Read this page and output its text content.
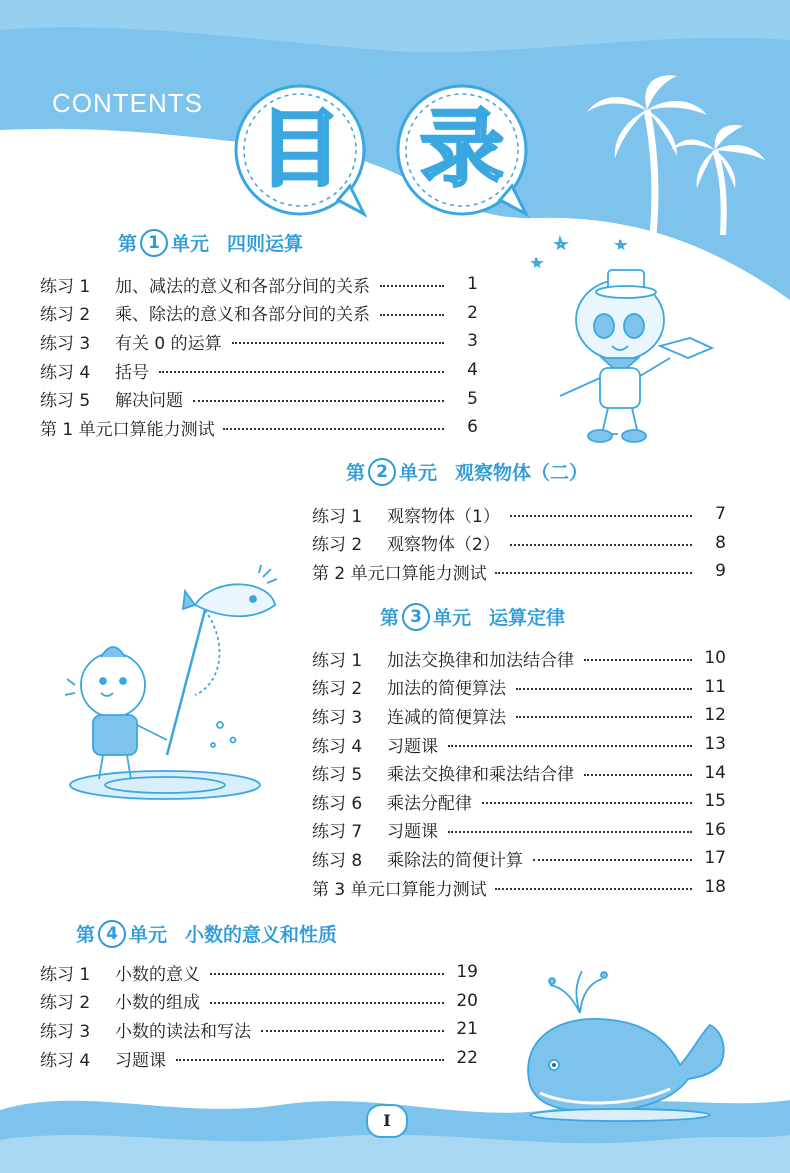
CONTENTS 目 录
第 1 单元 四则运算
练习 1	加、减法的意义和各部分间的关系	1
练习 2	乘、除法的意义和各部分间的关系	2
练习 3	有关 0 的运算	3
练习 4	括号	4
练习 5	解决问题	5
第 1 单元口算能力测试	6
第 2 单元 观察物体（二）
练习 1	观察物体（1）	7
练习 2	观察物体（2）	8
第 2 单元口算能力测试	9
第 3 单元 运算定律
练习 1	加法交换律和加法结合律	10
练习 2	加法的简便算法	11
练习 3	连减的简便算法	12
练习 4	习题课	13
练习 5	乘法交换律和乘法结合律	14
练习 6	乘法分配律	15
练习 7	习题课	16
练习 8	乘除法的简便计算	17
第 3 单元口算能力测试	18
第 4 单元 小数的意义和性质
练习 1	小数的意义	19
练习 2	小数的组成	20
练习 3	小数的读法和写法	21
练习 4	习题课	22
I
